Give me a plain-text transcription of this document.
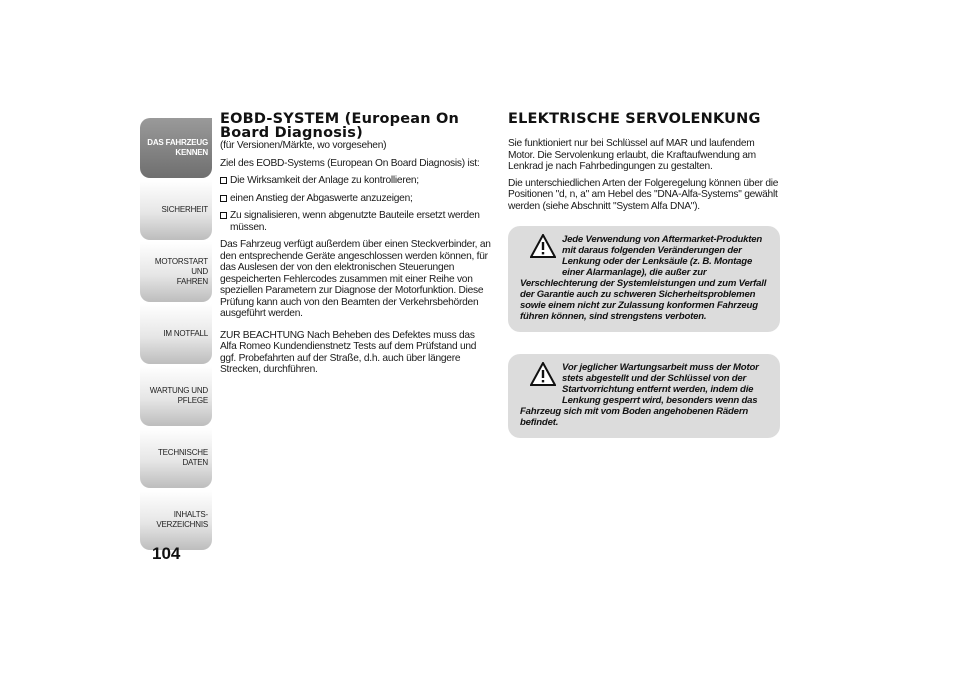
DAS FAHRZEUG
KENNEN
SICHERHEIT
MOTORSTART UND
FAHREN
IM NOTFALL
WARTUNG UND
PFLEGE
TECHNISCHE DATEN
INHALTS-
VERZEICHNIS
104
EOBD-SYSTEM (European On Board Diagnosis)

(für Versionen/Märkte, wo vorgesehen)

Ziel des EOBD-Systems (European On Board Diagnosis) ist:

Die Wirksamkeit der Anlage zu kontrollieren;

einen Anstieg der Abgaswerte anzuzeigen;

Zu signalisieren, wenn abgenutzte Bauteile ersetzt werden müssen.

Das Fahrzeug verfügt außerdem über einen Steckverbinder, an den entsprechende Geräte angeschlossen werden können, für das Auslesen der von den elektronischen Steuerungen gespeicherten Fehlercodes zusammen mit einer Reihe von speziellen Parametern zur Diagnose der Motorfunktion. Diese Prüfung kann auch von den Beamten der Verkehrsbehörden ausgeführt werden.

ZUR BEACHTUNG Nach Beheben des Defektes muss das Alfa Romeo Kundendienstnetz Tests auf dem Prüfstand und ggf. Probefahrten auf der Straße, d.h. auch über längere Strecken, durchführen.

ELEKTRISCHE SERVOLENKUNG

Sie funktioniert nur bei Schlüssel auf MAR und laufendem Motor. Die Servolenkung erlaubt, die Kraftaufwendung am Lenkrad je nach Fahrbedingungen zu gestalten.

Die unterschiedlichen Arten der Folgeregelung können über die Positionen "d, n, a" am Hebel des "DNA-Alfa-Systems" gewählt werden (siehe Abschnitt "System Alfa DNA").

Jede Verwendung von Aftermarket-Produkten mit daraus folgenden Veränderungen der Lenkung oder der Lenksäule (z. B. Montage einer Alarmanlage), die außer zur Verschlechterung der Systemleistungen und zum Verfall der Garantie auch zu schweren Sicherheitsproblemen sowie einem nicht zur Zulassung konformen Fahrzeug führen können, sind strengstens verboten.
Vor jeglicher Wartungsarbeit muss der Motor stets abgestellt und der Schlüssel von der Startvorrichtung entfernt werden, indem die Lenkung gesperrt wird, besonders wenn das Fahrzeug sich mit vom Boden angehobenen Rädern befindet.
